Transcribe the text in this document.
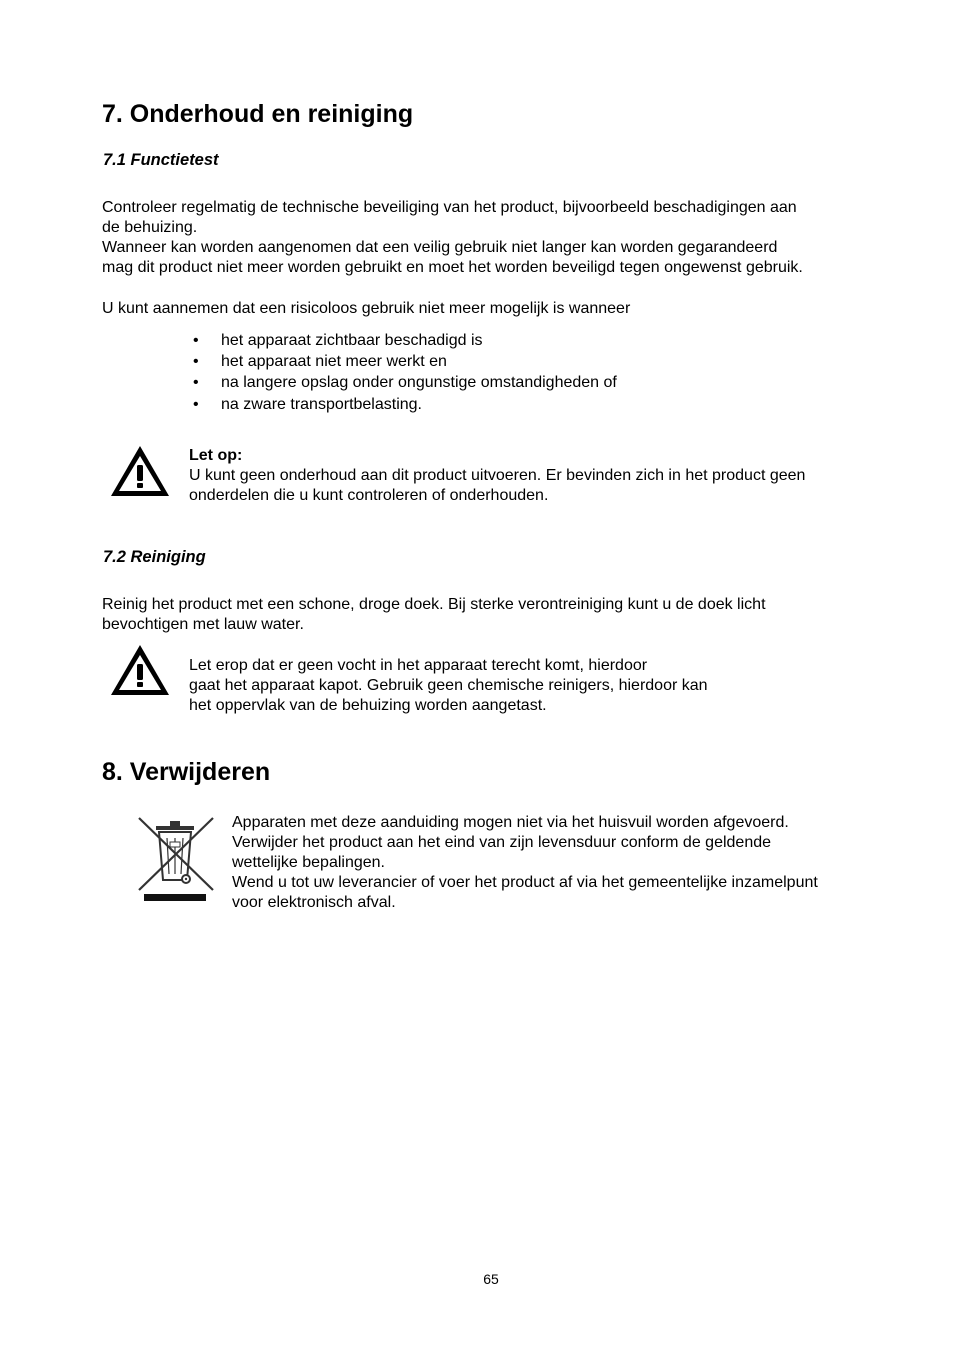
7. Onderhoud en reiniging
7.1 Functietest
Controleer regelmatig de technische beveiliging van het product, bijvoorbeeld beschadigingen aan
de behuizing.
Wanneer kan worden aangenomen dat een veilig gebruik niet langer kan worden gegarandeerd
mag dit product niet meer worden gebruikt en moet het worden beveiligd tegen ongewenst gebruik.
U kunt aannemen dat een risicoloos gebruik niet meer mogelijk is wanneer
• het apparaat zichtbaar beschadigd is
• het apparaat niet meer werkt en
• na langere opslag onder ongunstige omstandigheden of
• na zware transportbelasting.
Let op:
U kunt geen onderhoud aan dit product uitvoeren. Er bevinden zich in het product geen
onderdelen die u kunt controleren of onderhouden.
7.2 Reiniging
Reinig het product met een schone, droge doek. Bij sterke verontreiniging kunt u de doek licht
bevochtigen met lauw water.
Let erop dat er geen vocht in het apparaat terecht komt, hierdoor
gaat het apparaat kapot. Gebruik geen chemische reinigers, hierdoor kan
het oppervlak van de behuizing worden aangetast.
8. Verwijderen
Apparaten met deze aanduiding mogen niet via het huisvuil worden afgevoerd.
Verwijder het product aan het eind van zijn levensduur conform de geldende
wettelijke bepalingen.
Wend u tot uw leverancier of voer het product af via het gemeentelijke inzamelpunt
voor elektronisch afval.
65
